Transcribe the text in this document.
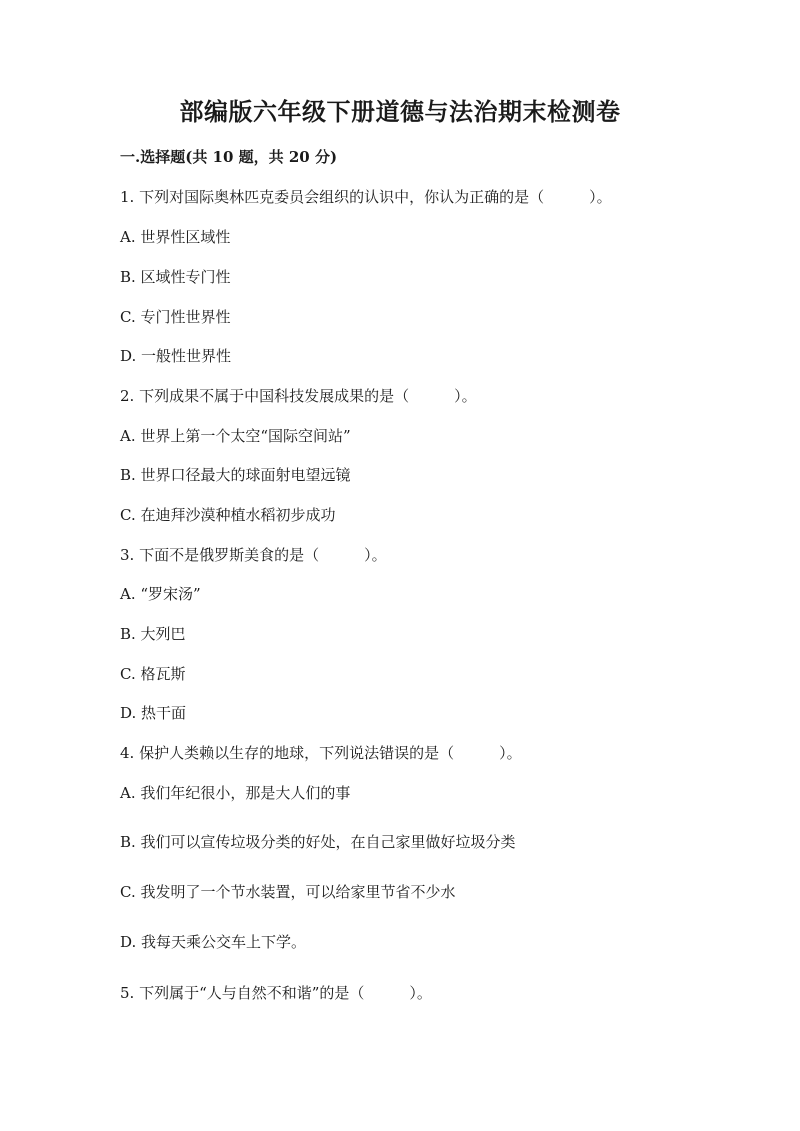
部编版六年级下册道德与法治期末检测卷
一.选择题(共 10 题，共 20 分)
1. 下列对国际奥林匹克委员会组织的认识中，你认为正确的是（　　　）。
A. 世界性区域性
B. 区域性专门性
C. 专门性世界性
D. 一般性世界性
2. 下列成果不属于中国科技发展成果的是（　　　）。
A. 世界上第一个太空“国际空间站”
B. 世界口径最大的球面射电望远镜
C. 在迪拜沙漠种植水稻初步成功
3. 下面不是俄罗斯美食的是（　　　）。
A. “罗宋汤”
B. 大列巴
C. 格瓦斯
D. 热干面
4. 保护人类赖以生存的地球，下列说法错误的是（　　　）。
A. 我们年纪很小，那是大人们的事
B. 我们可以宣传垃圾分类的好处，在自己家里做好垃圾分类
C. 我发明了一个节水装置，可以给家里节省不少水
D. 我每天乘公交车上下学。
5. 下列属于“人与自然不和谐”的是（　　　）。
